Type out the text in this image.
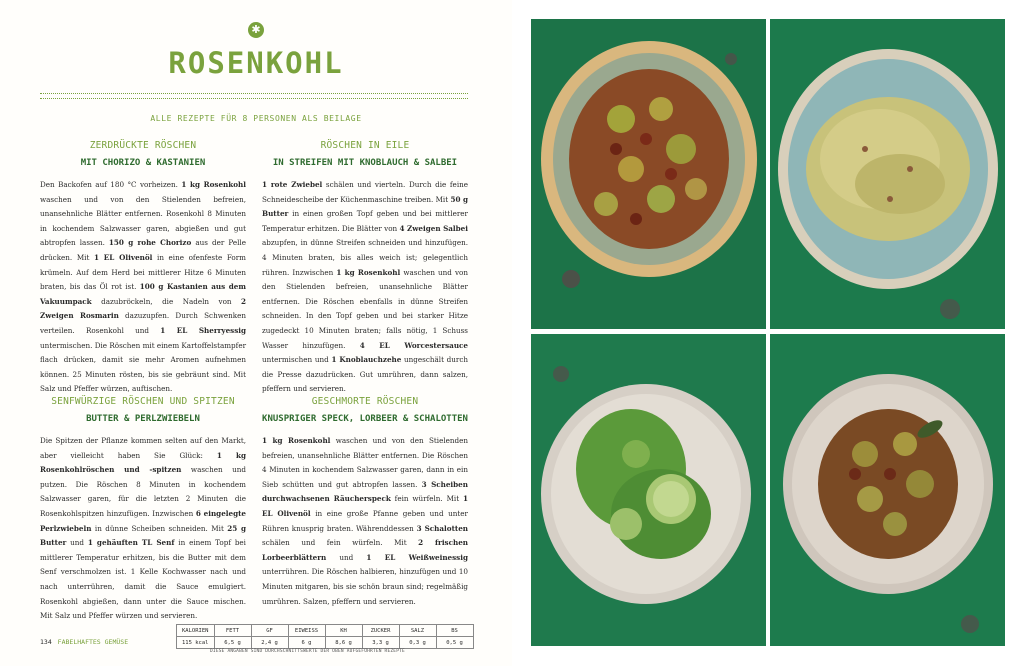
✱
ROSENKOHL
ALLE REZEPTE FÜR 8 PERSONEN ALS BEILAGE
ZERDRÜCKTE RÖSCHEN
MIT CHORIZO & KASTANIEN
Den Backofen auf 180 °C vorheizen. 1 kg Rosenkohl waschen und von den Stielenden befreien, unansehnliche Blätter entfernen. Rosenkohl 8 Minuten in kochendem Salzwasser garen, abgießen und gut abtropfen lassen. 150 g rohe Chorizo aus der Pelle drücken. Mit 1 EL Olivenöl in eine ofenfeste Form krümeln. Auf dem Herd bei mittlerer Hitze 6 Minuten braten, bis das Öl rot ist. 100 g Kastanien aus dem Vakuumpack dazubröckeln, die Nadeln von 2 Zweigen Rosmarin dazuzupfen. Durch Schwenken verteilen. Rosenkohl und 1 EL Sherryessig untermischen. Die Röschen mit einem Kartoffelstampfer flach drücken, damit sie mehr Aromen aufnehmen können. 25 Minuten rösten, bis sie gebräunt sind. Mit Salz und Pfeffer würzen, auftischen.
RÖSCHEN IN EILE
IN STREIFEN MIT KNOBLAUCH & SALBEI
1 rote Zwiebel schälen und vierteln. Durch die feine Schneidescheibe der Küchenmaschine treiben. Mit 50 g Butter in einen großen Topf geben und bei mittlerer Temperatur erhitzen. Die Blätter von 4 Zweigen Salbei abzupfen, in dünne Streifen schneiden und hinzufügen. 4 Minuten braten, bis alles weich ist; gelegentlich rühren. Inzwischen 1 kg Rosenkohl waschen und von den Stielenden befreien, unansehnliche Blätter entfernen. Die Röschen ebenfalls in dünne Streifen schneiden. In den Topf geben und bei starker Hitze zugedeckt 10 Minuten braten; falls nötig, 1 Schuss Wasser hinzufügen. 4 EL Worcestersauce untermischen und 1 Knoblauchzehe ungeschält durch die Presse dazudrücken. Gut umrühren, dann salzen, pfeffern und servieren.
SENFWÜRZIGE RÖSCHEN UND SPITZEN
BUTTER & PERLZWIEBELN
Die Spitzen der Pflanze kommen selten auf den Markt, aber vielleicht haben Sie Glück: 1 kg Rosenkohlröschen und -spitzen waschen und putzen. Die Röschen 8 Minuten in kochendem Salzwasser garen, für die letzten 2 Minuten die Rosenkohlspitzen hinzufügen. Inzwischen 6 eingelegte Perlzwiebeln in dünne Scheiben schneiden. Mit 25 g Butter und 1 gehäuften TL Senf in einem Topf bei mittlerer Temperatur erhitzen, bis die Butter mit dem Senf verschmolzen ist. 1 Kelle Kochwasser nach und nach unterrühren, damit die Sauce emulgiert. Rosenkohl abgießen, dann unter die Sauce mischen. Mit Salz und Pfeffer würzen und servieren.
GESCHMORTE RÖSCHEN
KNUSPRIGER SPECK, LORBEER & SCHALOTTEN
1 kg Rosenkohl waschen und von den Stielenden befreien, unansehnliche Blätter entfernen. Die Röschen 4 Minuten in kochendem Salzwasser garen, dann in ein Sieb schütten und gut abtropfen lassen. 3 Scheiben durchwachsenen Räucherspeck fein würfeln. Mit 1 EL Olivenöl in eine große Pfanne geben und unter Rühren knusprig braten. Währenddessen 3 Schalotten schälen und fein würfeln. Mit 2 frischen Lorbeerblättern und 1 EL Weißweinessig unterrühren. Die Röschen halbieren, hinzufügen und 10 Minuten mitgaren, bis sie schön braun sind; regelmäßig umrühren. Salzen, pfeffern und servieren.
KALORIEN	FETT	GF	EIWEISS	KH	ZUCKER	SALZ	BS
115 kcal	6,5 g	2,4 g	6 g	8,6 g	3,3 g	0,3 g	0,5 g
DIESE ANGABEN SIND DURCHSCHNITTSWERTE DER OBEN AUFGEFÜHRTEN REZEPTE
134 FABELHAFTES GEMÜSE
